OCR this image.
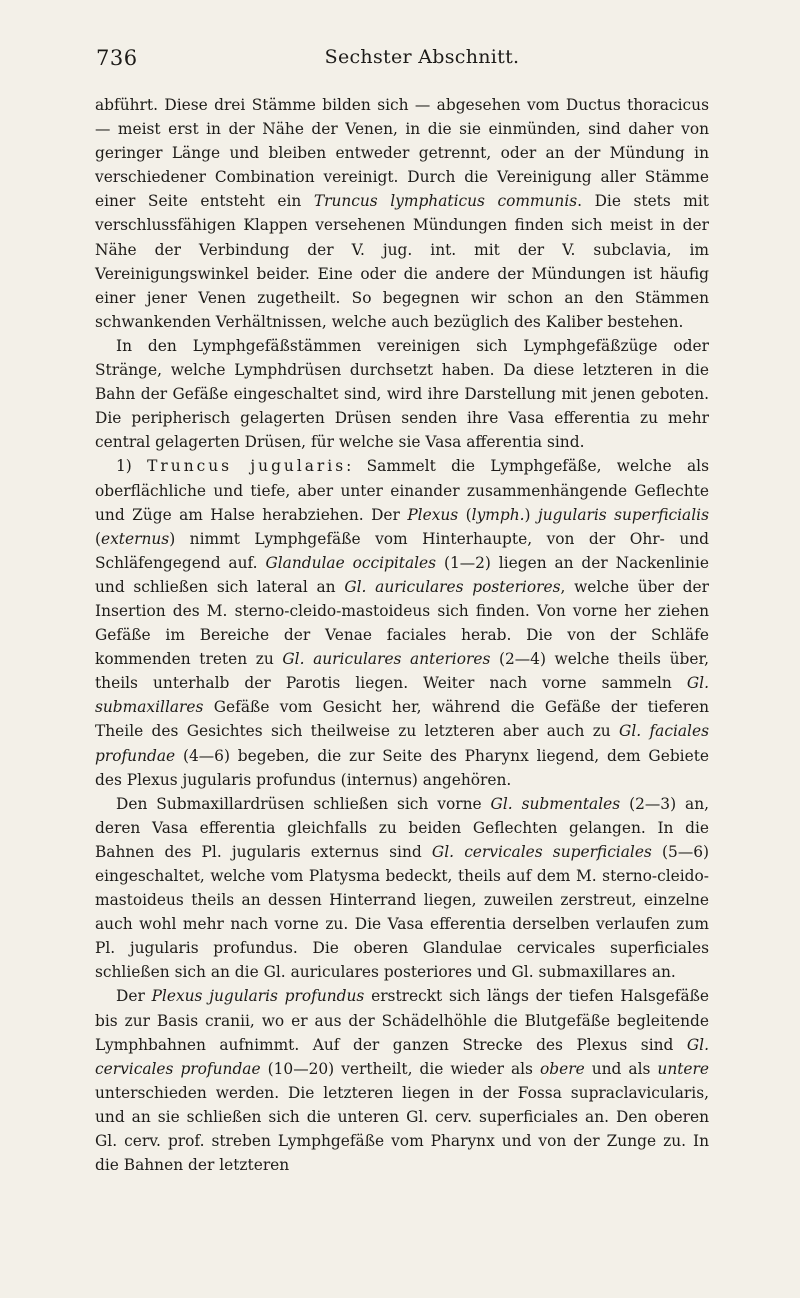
736	Sechster Abschnitt.

abführt. Diese drei Stämme bilden sich — abgesehen vom Ductus thoracicus — meist erst in der Nähe der Venen, in die sie einmünden, sind daher von geringer Länge und bleiben entweder getrennt, oder an der Mündung in verschiedener Combination vereinigt. Durch die Vereinigung aller Stämme einer Seite entsteht ein Truncus lymphaticus communis. Die stets mit verschlussfähigen Klappen versehenen Mündungen finden sich meist in der Nähe der Verbindung der V. jug. int. mit der V. subclavia, im Vereinigungswinkel beider. Eine oder die andere der Mündungen ist häufig einer jener Venen zugetheilt. So begegnen wir schon an den Stämmen schwankenden Verhältnissen, welche auch bezüglich des Kaliber bestehen.

In den Lymphgefäßstämmen vereinigen sich Lymphgefäßzüge oder Stränge, welche Lymphdrüsen durchsetzt haben. Da diese letzteren in die Bahn der Gefäße eingeschaltet sind, wird ihre Darstellung mit jenen geboten. Die peripherisch gelagerten Drüsen senden ihre Vasa efferentia zu mehr central gelagerten Drüsen, für welche sie Vasa afferentia sind.

1) Truncus jugularis: Sammelt die Lymphgefäße, welche als oberflächliche und tiefe, aber unter einander zusammenhängende Geflechte und Züge am Halse herabziehen. Der Plexus (lymph.) jugularis superficialis (externus) nimmt Lymphgefäße vom Hinterhaupte, von der Ohr- und Schläfengegend auf. Glandulae occipitales (1—2) liegen an der Nackenlinie und schließen sich lateral an Gl. auriculares posteriores, welche über der Insertion des M. sterno-cleido-mastoideus sich finden. Von vorne her ziehen Gefäße im Bereiche der Venae faciales herab. Die von der Schläfe kommenden treten zu Gl. auriculares anteriores (2—4) welche theils über, theils unterhalb der Parotis liegen. Weiter nach vorne sammeln Gl. submaxillares Gefäße vom Gesicht her, während die Gefäße der tieferen Theile des Gesichtes sich theilweise zu letzteren aber auch zu Gl. faciales profundae (4—6) begeben, die zur Seite des Pharynx liegend, dem Gebiete des Plexus jugularis profundus (internus) angehören.

Den Submaxillardrüsen schließen sich vorne Gl. submentales (2—3) an, deren Vasa efferentia gleichfalls zu beiden Geflechten gelangen. In die Bahnen des Pl. jugularis externus sind Gl. cervicales superficiales (5—6) eingeschaltet, welche vom Platysma bedeckt, theils auf dem M. sterno-cleido-mastoideus theils an dessen Hinterrand liegen, zuweilen zerstreut, einzelne auch wohl mehr nach vorne zu. Die Vasa efferentia derselben verlaufen zum Pl. jugularis profundus. Die oberen Glandulae cervicales superficiales schließen sich an die Gl. auriculares posteriores und Gl. submaxillares an.

Der Plexus jugularis profundus erstreckt sich längs der tiefen Halsgefäße bis zur Basis cranii, wo er aus der Schädelhöhle die Blutgefäße begleitende Lymphbahnen aufnimmt. Auf der ganzen Strecke des Plexus sind Gl. cervicales profundae (10—20) vertheilt, die wieder als obere und als untere unterschieden werden. Die letzteren liegen in der Fossa supraclavicularis, und an sie schließen sich die unteren Gl. cerv. superficiales an. Den oberen Gl. cerv. prof. streben Lymphgefäße vom Pharynx und von der Zunge zu. In die Bahnen der letzteren
